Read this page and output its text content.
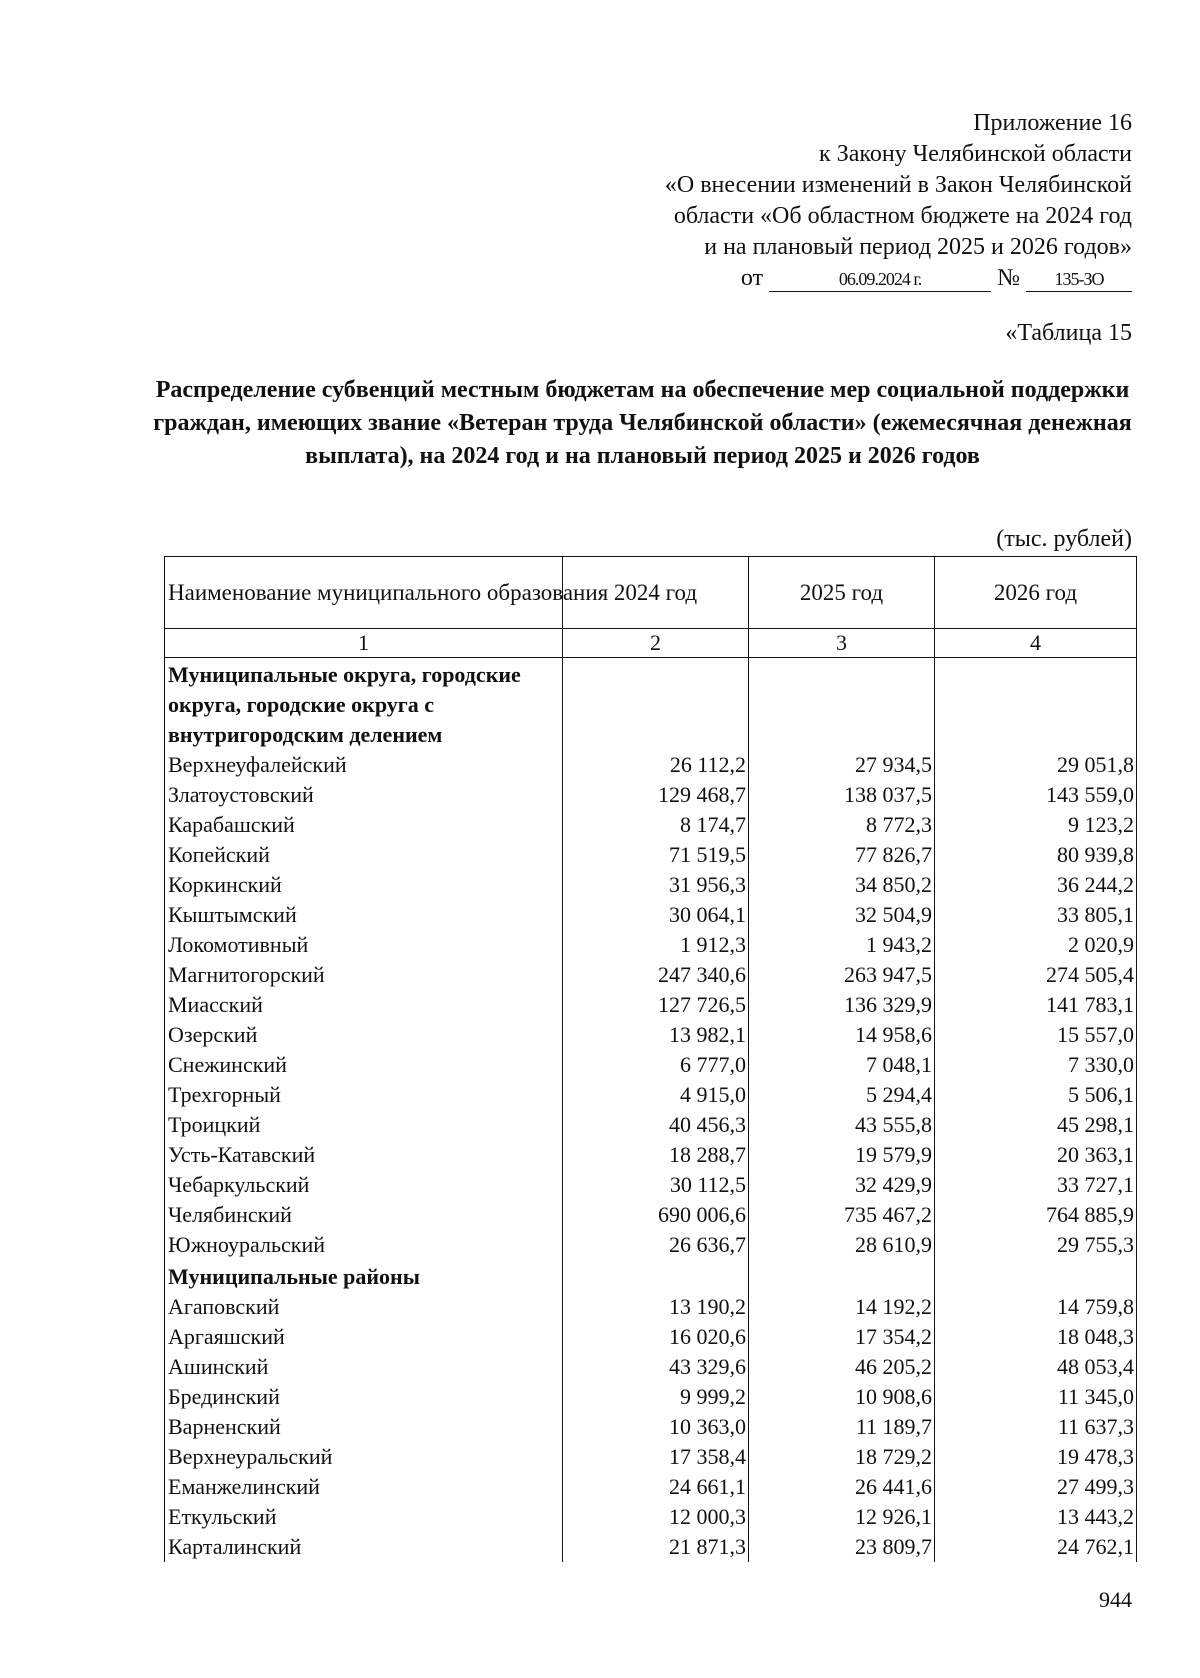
Приложение 16
к Закону Челябинской области
«О внесении изменений в Закон Челябинской
области «Об областном бюджете на 2024 год
и на плановый период 2025 и 2026 годов»
от	06.09.2024 г.	№ 135-ЗО
«Таблица 15
Распределение субвенций местным бюджетам на обеспечение мер социальной поддержки граждан, имеющих звание «Ветеран труда Челябинской области» (ежемесячная денежная выплата), на 2024 год и на плановый период 2025 и 2026 годов
(тыс. рублей)
Наименование муниципального образования	2024 год	2025 год	2026 год
1	2	3	4
Муниципальные округа, городские округа, городские округа с внутригородским делением			
Верхнеуфалейский	26 112,2	27 934,5	29 051,8
Златоустовский	129 468,7	138 037,5	143 559,0
Карабашский	8 174,7	8 772,3	9 123,2
Копейский	71 519,5	77 826,7	80 939,8
Коркинский	31 956,3	34 850,2	36 244,2
Кыштымский	30 064,1	32 504,9	33 805,1
Локомотивный	1 912,3	1 943,2	2 020,9
Магнитогорский	247 340,6	263 947,5	274 505,4
Миасский	127 726,5	136 329,9	141 783,1
Озерский	13 982,1	14 958,6	15 557,0
Снежинский	6 777,0	7 048,1	7 330,0
Трехгорный	4 915,0	5 294,4	5 506,1
Троицкий	40 456,3	43 555,8	45 298,1
Усть-Катавский	18 288,7	19 579,9	20 363,1
Чебаркульский	30 112,5	32 429,9	33 727,1
Челябинский	690 006,6	735 467,2	764 885,9
Южноуральский	26 636,7	28 610,9	29 755,3
Муниципальные районы			
Агаповский	13 190,2	14 192,2	14 759,8
Аргаяшский	16 020,6	17 354,2	18 048,3
Ашинский	43 329,6	46 205,2	48 053,4
Брединский	9 999,2	10 908,6	11 345,0
Варненский	10 363,0	11 189,7	11 637,3
Верхнеуральский	17 358,4	18 729,2	19 478,3
Еманжелинский	24 661,1	26 441,6	27 499,3
Еткульский	12 000,3	12 926,1	13 443,2
Карталинский	21 871,3	23 809,7	24 762,1
944
